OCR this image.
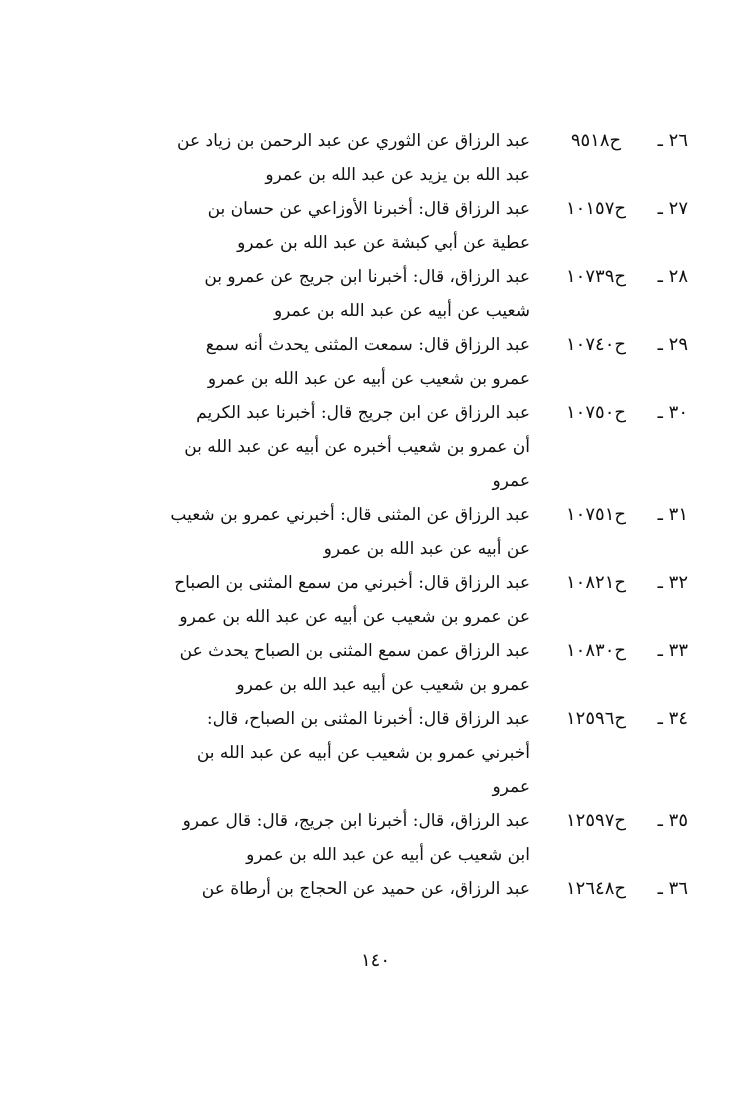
٢٦ ـ
ح٩٥١٨
عبد الرزاق عن الثوري عن عبد الرحمن بن زياد عن
عبد الله بن يزيد عن عبد الله بن عمرو
٢٧ ـ
ح١٠١٥٧
عبد الرزاق قال: أخبرنا الأوزاعي عن حسان بن
عطية عن أبي كبشة عن عبد الله بن عمرو
٢٨ ـ
ح١٠٧٣٩
عبد الرزاق، قال: أخبرنا ابن جريج عن عمرو بن
شعيب عن أبيه عن عبد الله بن عمرو
٢٩ ـ
ح١٠٧٤٠
عبد الرزاق قال: سمعت المثنى يحدث أنه سمع
عمرو بن شعيب عن أبيه عن عبد الله بن عمرو
٣٠ ـ
ح١٠٧٥٠
عبد الرزاق عن ابن جريج قال: أخبرنا عبد الكريم
أن عمرو بن شعيب أخبره عن أبيه عن عبد الله بن
عمرو
٣١ ـ
ح١٠٧٥١
عبد الرزاق عن المثنى قال: أخبرني عمرو بن شعيب
عن أبيه عن عبد الله بن عمرو
٣٢ ـ
ح١٠٨٢١
عبد الرزاق قال: أخبرني من سمع المثنى بن الصباح
عن عمرو بن شعيب عن أبيه عن عبد الله بن عمرو
٣٣ ـ
ح١٠٨٣٠
عبد الرزاق عمن سمع المثنى بن الصباح يحدث عن
عمرو بن شعيب عن أبيه عبد الله بن عمرو
٣٤ ـ
ح١٢٥٩٦
عبد الرزاق قال: أخبرنا المثنى بن الصباح، قال:
أخبرني عمرو بن شعيب عن أبيه عن عبد الله بن
عمرو
٣٥ ـ
ح١٢٥٩٧
عبد الرزاق، قال: أخبرنا ابن جريج، قال: قال عمرو
ابن شعيب عن أبيه عن عبد الله بن عمرو
٣٦ ـ
ح١٢٦٤٨
عبد الرزاق، عن حميد عن الحجاج بن أرطاة عن
١٤٠
